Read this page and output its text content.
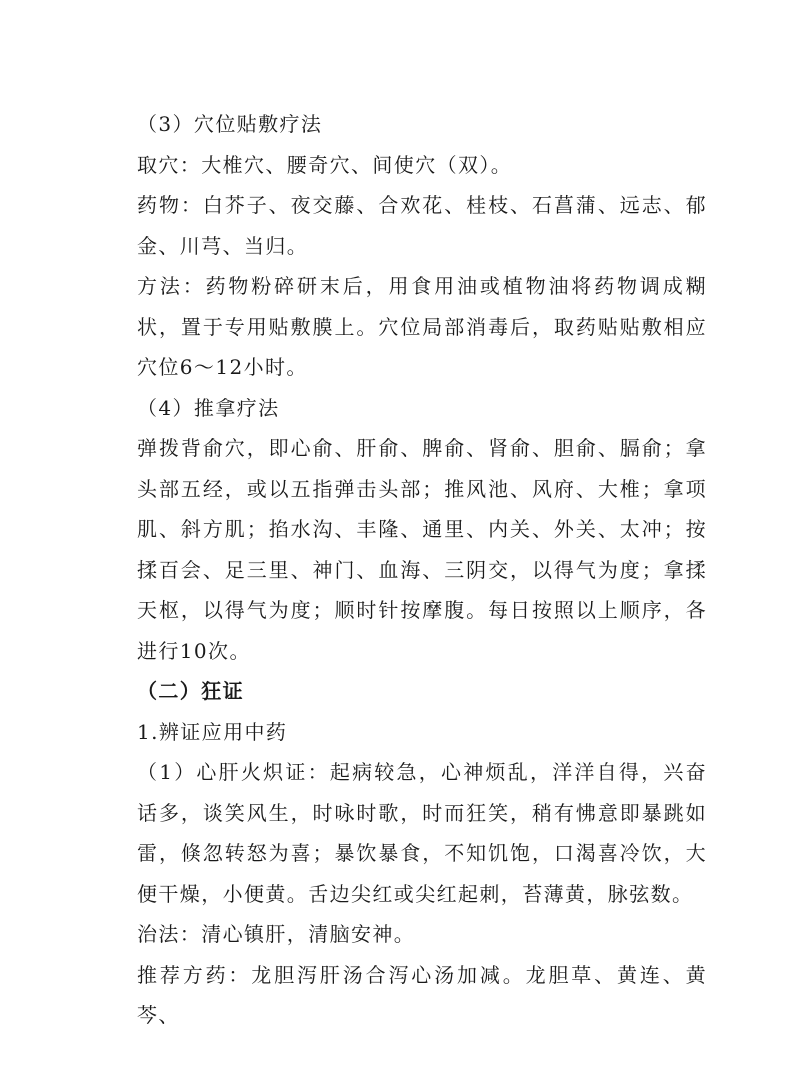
（3）穴位贴敷疗法

取穴：大椎穴、腰奇穴、间使穴（双）。

药物：白芥子、夜交藤、合欢花、桂枝、石菖蒲、远志、郁金、川芎、当归。

方法：药物粉碎研末后，用食用油或植物油将药物调成糊状，置于专用贴敷膜上。穴位局部消毒后，取药贴贴敷相应穴位6～12小时。

（4）推拿疗法

弹拨背俞穴，即心俞、肝俞、脾俞、肾俞、胆俞、膈俞；拿头部五经，或以五指弹击头部；推风池、风府、大椎；拿项肌、斜方肌；掐水沟、丰隆、通里、内关、外关、太冲；按揉百会、足三里、神门、血海、三阴交，以得气为度；拿揉天枢，以得气为度；顺时针按摩腹。每日按照以上顺序，各进行10次。

（二）狂证

1.辨证应用中药

（1）心肝火炽证：起病较急，心神烦乱，洋洋自得，兴奋话多，谈笑风生，时咏时歌，时而狂笑，稍有怫意即暴跳如雷，倏忽转怒为喜；暴饮暴食，不知饥饱，口渴喜冷饮，大便干燥，小便黄。舌边尖红或尖红起刺，苔薄黄，脉弦数。

治法：清心镇肝，清脑安神。

推荐方药：龙胆泻肝汤合泻心汤加减。龙胆草、黄连、黄芩、
